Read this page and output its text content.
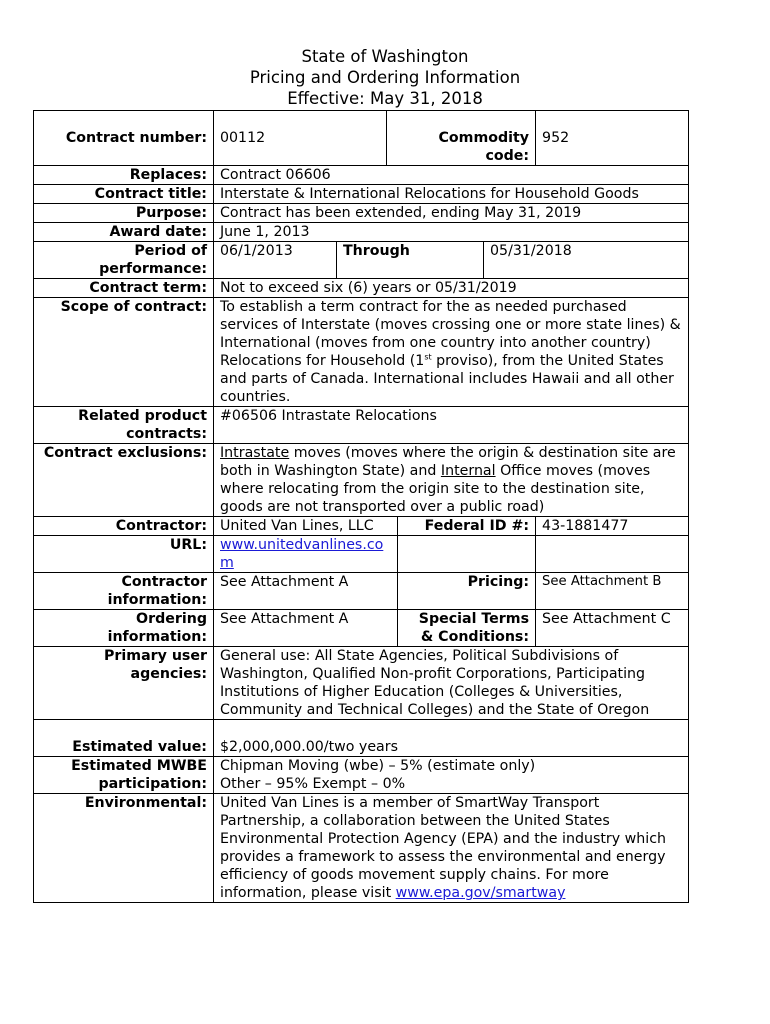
State of Washington
Pricing and Ordering Information
Effective: May 31, 2018
Contract number:	00112		Commodity code:			952
Replaces:	Contract 06606					
Contract title:	Interstate & International Relocations for Household Goods					
Purpose:	Contract has been extended, ending May 31, 2019					
Award date:	June 1, 2013					
Period of performance:	06/1/2013	Through			05/31/2018	
Contract term:	Not to exceed six (6) years or 05/31/2019					
Scope of contract:	To establish a term contract for the as needed purchased services of Interstate (moves crossing one or more state lines) & International (moves from one country into another country) Relocations for Household (1st proviso), from the United States and parts of Canada. International includes Hawaii and all other countries.					
Related product contracts:	#06506 Intrastate Relocations					
Contract exclusions:	Intrastate moves (moves where the origin & destination site are both in Washington State) and Internal Office moves (moves where relocating from the origin site to the destination site, goods are not transported over a public road)					
Contractor:	United Van Lines, LLC			Federal ID #:		43-1881477
URL:	www.unitedvanlines.com					
Contractor information:	See Attachment A			Pricing:		See Attachment B
Ordering information:	See Attachment A			Special Terms & Conditions:		See Attachment C
Primary user agencies:	General use: All State Agencies, Political Subdivisions of Washington, Qualified Non-profit Corporations, Participating Institutions of Higher Education (Colleges & Universities, Community and Technical Colleges) and the State of Oregon					
Estimated value:	$2,000,000.00/two years					
Estimated MWBE participation:	Chipman Moving (wbe) – 5% (estimate only)
Other – 95% Exempt – 0%					

Environmental:	United Van Lines is a member of SmartWay Transport Partnership, a collaboration between the United States Environmental Protection Agency (EPA) and the industry which provides a framework to assess the environmental and energy efficiency of goods movement supply chains. For more information, please visit www.epa.gov/smartway					
